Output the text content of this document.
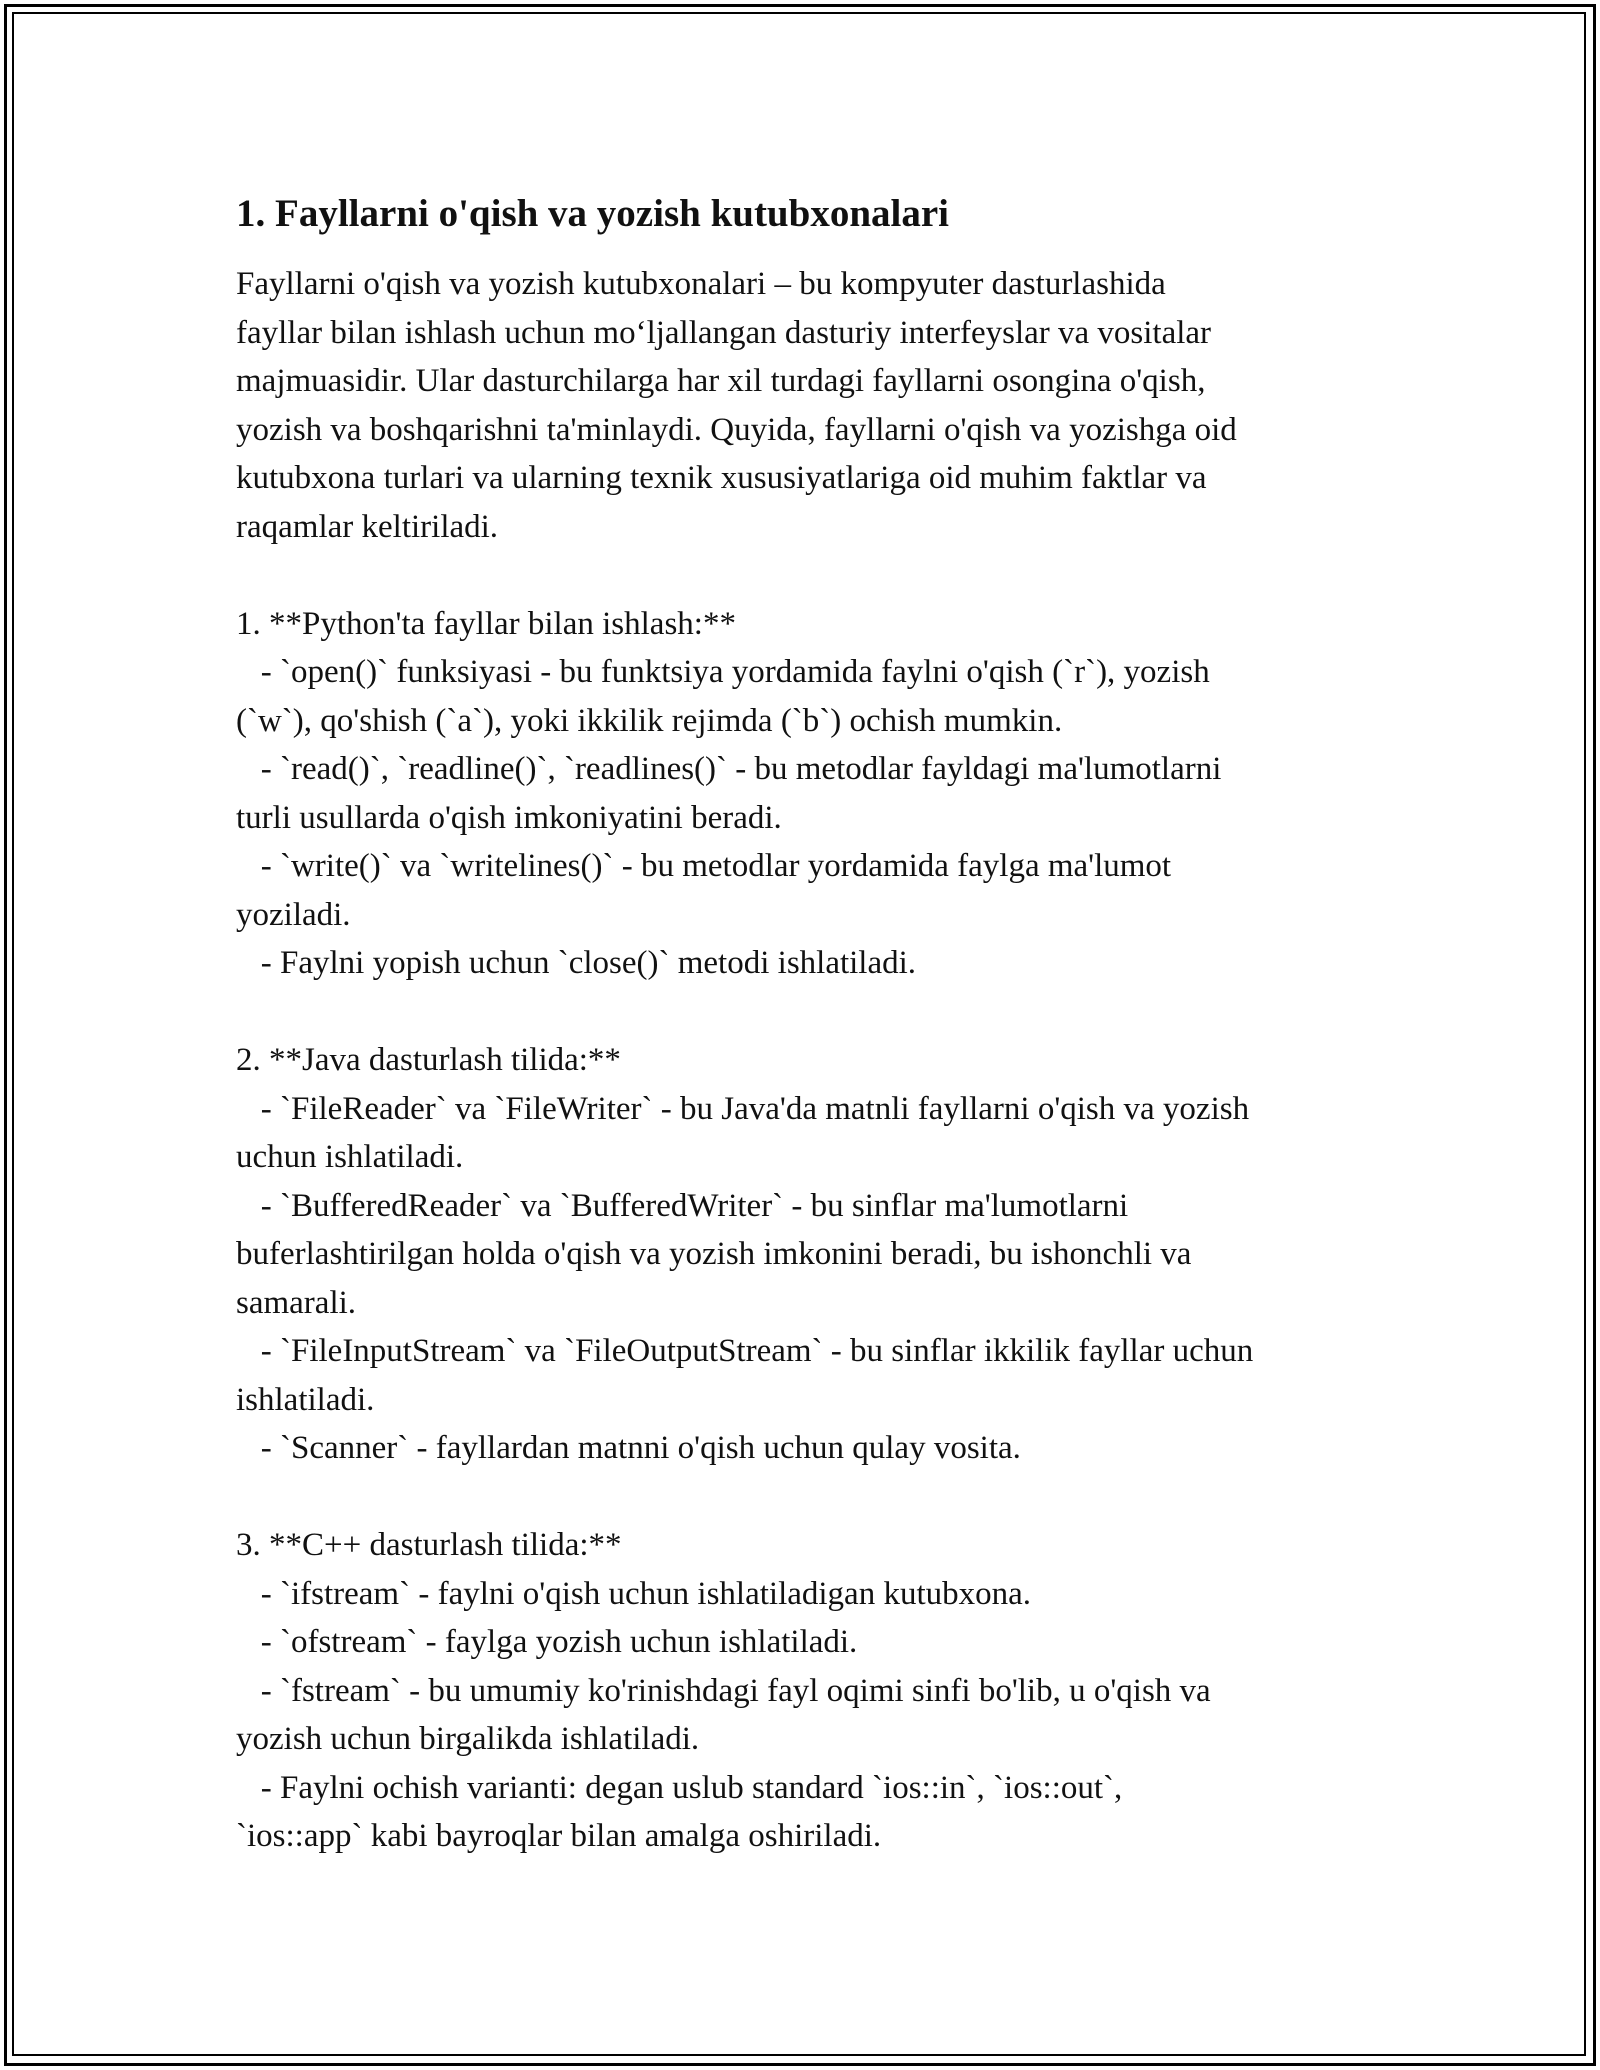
1. Fayllarni o'qish va yozish kutubxonalari

Fayllarni o'qish va yozish kutubxonalari – bu kompyuter dasturlashida
fayllar bilan ishlash uchun mo‘ljallangan dasturiy interfeyslar va vositalar
majmuasidir. Ular dasturchilarga har xil turdagi fayllarni osongina o'qish,
yozish va boshqarishni ta'minlaydi. Quyida, fayllarni o'qish va yozishga oid
kutubxona turlari va ularning texnik xususiyatlariga oid muhim faktlar va
raqamlar keltiriladi.

1. **Python'ta fayllar bilan ishlash:**
- `open()` funksiyasi - bu funktsiya yordamida faylni o'qish (`r`), yozish
(`w`), qo'shish (`a`), yoki ikkilik rejimda (`b`) ochish mumkin.
- `read()`, `readline()`, `readlines()` - bu metodlar fayldagi ma'lumotlarni
turli usullarda o'qish imkoniyatini beradi.
- `write()` va `writelines()` - bu metodlar yordamida faylga ma'lumot
yoziladi.
- Faylni yopish uchun `close()` metodi ishlatiladi.
2. **Java dasturlash tilida:**
- `FileReader` va `FileWriter` - bu Java'da matnli fayllarni o'qish va yozish
uchun ishlatiladi.
- `BufferedReader` va `BufferedWriter` - bu sinflar ma'lumotlarni
buferlashtirilgan holda o'qish va yozish imkonini beradi, bu ishonchli va
samarali.
- `FileInputStream` va `FileOutputStream` - bu sinflar ikkilik fayllar uchun
ishlatiladi.
- `Scanner` - fayllardan matnni o'qish uchun qulay vosita.
3. **C++ dasturlash tilida:**
- `ifstream` - faylni o'qish uchun ishlatiladigan kutubxona.
- `ofstream` - faylga yozish uchun ishlatiladi.
- `fstream` - bu umumiy ko'rinishdagi fayl oqimi sinfi bo'lib, u o'qish va
yozish uchun birgalikda ishlatiladi.
- Faylni ochish varianti: degan uslub standard `ios::in`, `ios::out`,
`ios::app` kabi bayroqlar bilan amalga oshiriladi.
